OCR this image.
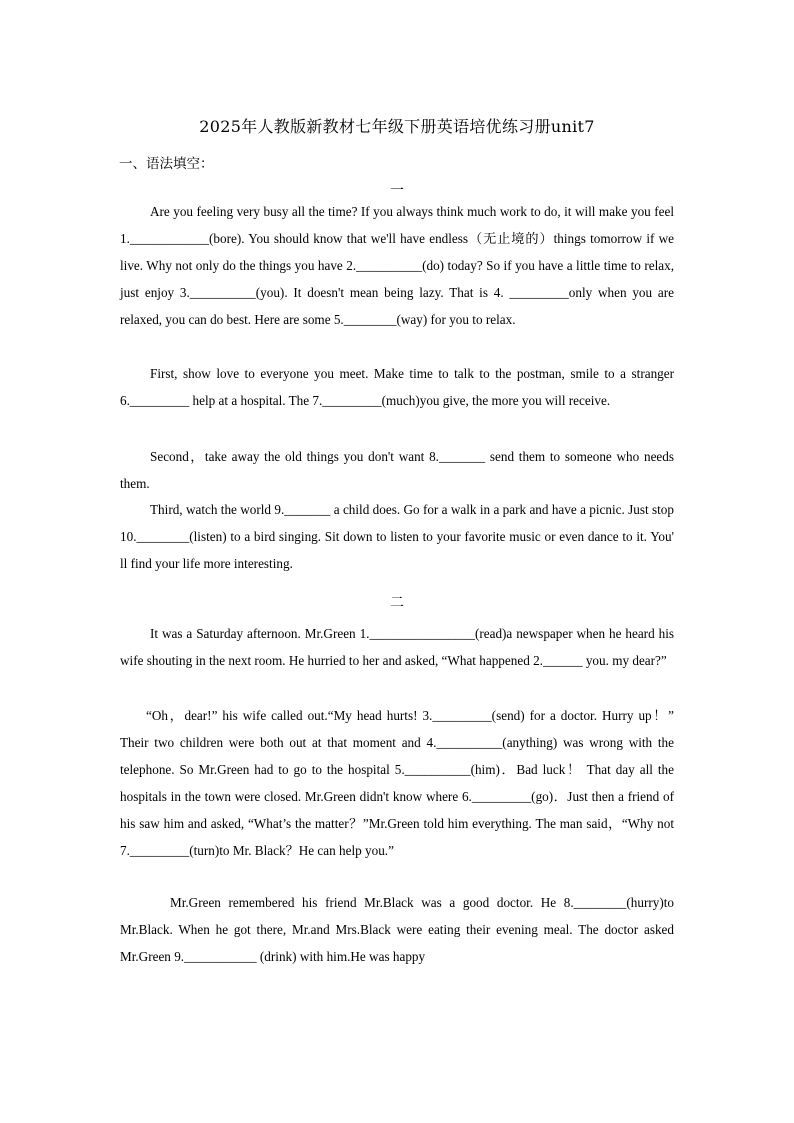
2025年人教版新教材七年级下册英语培优练习册unit7
一、语法填空：
一
Are you feeling very busy all the time? If you always think much work to do, it will make you feel 1.____________(bore). You should know that we'll have endless（无止境的）things tomorrow if we live. Why not only do the things you have 2.__________(do) today? So if you have a little time to relax, just enjoy 3.__________(you). It doesn't mean being lazy. That is 4. _________only when you are relaxed, you can do best. Here are some 5.________(way) for you to relax.
First, show love to everyone you meet. Make time to talk to the postman, smile to a stranger 6._________ help at a hospital. The 7._________(much)you give, the more you will receive.
Second，take away the old things you don't want 8._______ send them to someone who needs them.
Third, watch the world 9._______ a child does. Go for a walk in a park and have a picnic. Just stop 10.________(listen) to a bird singing. Sit down to listen to your favorite music or even dance to it. You' ll find your life more interesting.
二
It was a Saturday afternoon. Mr.Green 1.________________(read)a newspaper when he heard his wife shouting in the next room. He hurried to her and asked, “What happened 2.______ you. my dear?”
“Oh，dear!” his wife called out.“My head hurts! 3._________(send) for a doctor. Hurry up！” Their two children were both out at that moment and 4.__________(anything) was wrong with the telephone. So Mr.Green had to go to the hospital 5.__________(him)．Bad luck！ That day all the hospitals in the town were closed. Mr.Green didn't know where 6._________(go)．Just then a friend of his saw him and asked, “What’s the matter？”Mr.Green told him everything. The man said，“Why not 7._________(turn)to Mr. Black？He can help you.”
Mr.Green remembered his friend Mr.Black was a good doctor. He 8.________(hurry)to Mr.Black. When he got there, Mr.and Mrs.Black were eating their evening meal. The doctor asked Mr.Green 9.___________ (drink) with him.He was happy
